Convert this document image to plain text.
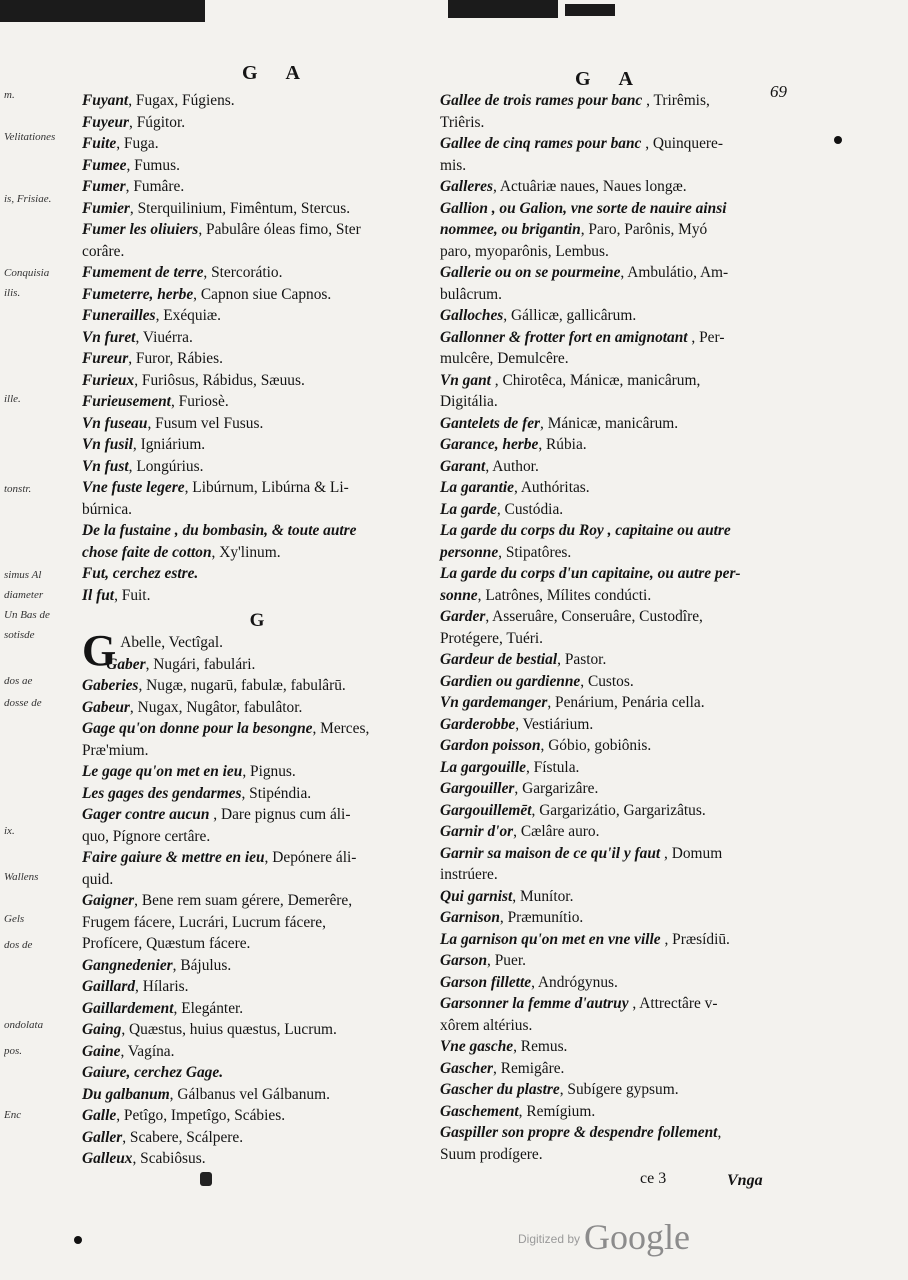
m.
Velitationes
is, Frisiae.
Conquisia
ilis.
ille.
tonstr.
simus Al
diameter
Un Bas de
sotisde
dos ae
dosse de
ix.
Wallens
Gels
dos de
ondolata
pos.
Enc
G A	G A
69

Fuyant, Fugax, Fúgiens.

Fuyeur, Fúgitor.

Fuite, Fuga.

Fumee, Fumus.

Fumer, Fumâre.

Fumier, Sterquilinium, Fimêntum, Stercus.

Fumer les oliuiers, Pabulâre óleas fimo, Ster

corâre.

Fumement de terre, Stercorátio.

Fumeterre, herbe, Capnon siue Capnos.

Funerailles, Exéquiæ.

Vn furet, Viuérra.

Fureur, Furor, Rábies.

Furieux, Furiôsus, Rábidus, Sæuus.

Furieusement, Furiosè.

Vn fuseau, Fusum vel Fusus.

Vn fusil, Igniárium.

Vn fust, Longúrius.

Vne fuste legere, Libúrnum, Libúrna & Li-

búrnica.

De la fustaine , du bombasin, & toute autre

chose faite de cotton, Xy'linum.

Fut, cerchez estre.

Il fut, Fuit.

G

G Abelle, Vectîgal.

Gaber, Nugári, fabulári.

Gaberies, Nugæ, nugarū, fabulæ, fabulârū.

Gabeur, Nugax, Nugâtor, fabulâtor.

Gage qu'on donne pour la besongne, Merces,

Præ'mium.

Le gage qu'on met en ieu, Pignus.

Les gages des gendarmes, Stipéndia.

Gager contre aucun , Dare pignus cum áli-

quo, Pígnore certâre.

Faire gaiure & mettre en ieu, Depónere áli-

quid.

Gaigner, Bene rem suam gérere, Demerêre,

Frugem fácere, Lucrári, Lucrum fácere,

Profícere, Quæstum fácere.

Gangnedenier, Bájulus.

Gaillard, Hílaris.

Gaillardement, Elegánter.

Gaing, Quæstus, huius quæstus, Lucrum.

Gaine, Vagína.

Gaiure, cerchez Gage.

Du galbanum, Gálbanus vel Gálbanum.

Galle, Petîgo, Impetîgo, Scábies.

Galler, Scabere, Scálpere.

Galleux, Scabiôsus.

Gallee de trois rames pour banc , Trirêmis,

Triêris.

Gallee de cinq rames pour banc , Quinquere-

mis.

Galleres, Actuâriæ naues, Naues longæ.

Gallion , ou Galion, vne sorte de nauire ainsi

nommee, ou brigantin, Paro, Parônis, Myó

paro, myoparônis, Lembus.

Gallerie ou on se pourmeine, Ambulátio, Am-

bulâcrum.

Galloches, Gállicæ, gallicârum.

Gallonner & frotter fort en amignotant , Per-

mulcêre, Demulcêre.

Vn gant , Chirotêca, Mánicæ, manicârum,

Digitália.

Gantelets de fer, Mánicæ, manicârum.

Garance, herbe, Rúbia.

Garant, Author.

La garantie, Authóritas.

La garde, Custódia.

La garde du corps du Roy , capitaine ou autre

personne, Stipatôres.

La garde du corps d'un capitaine, ou autre per-

sonne, Latrônes, Mílites condúcti.

Garder, Asseruâre, Conseruâre, Custodîre,

Protégere, Tuéri.

Gardeur de bestial, Pastor.

Gardien ou gardienne, Custos.

Vn gardemanger, Penárium, Penária cella.

Garderobbe, Vestiárium.

Gardon poisson, Góbio, gobiônis.

La gargouille, Fístula.

Gargouiller, Gargarizâre.

Gargouillemēt, Gargarizátio, Gargarizâtus.

Garnir d'or, Cælâre auro.

Garnir sa maison de ce qu'il y faut , Domum

instrúere.

Qui garnist, Munítor.

Garnison, Præmunítio.

La garnison qu'on met en vne ville , Præsídiū.

Garson, Puer.

Garson fillette, Andrógynus.

Garsonner la femme d'autruy , Attrectâre v-

xôrem altérius.

Vne gasche, Remus.

Gascher, Remigâre.

Gascher du plastre, Subígere gypsum.

Gaschement, Remígium.

Gaspiller son propre & despendre follement,

Suum prodígere.

ce 3	Vnga
$^{Digitized by}$ Google
